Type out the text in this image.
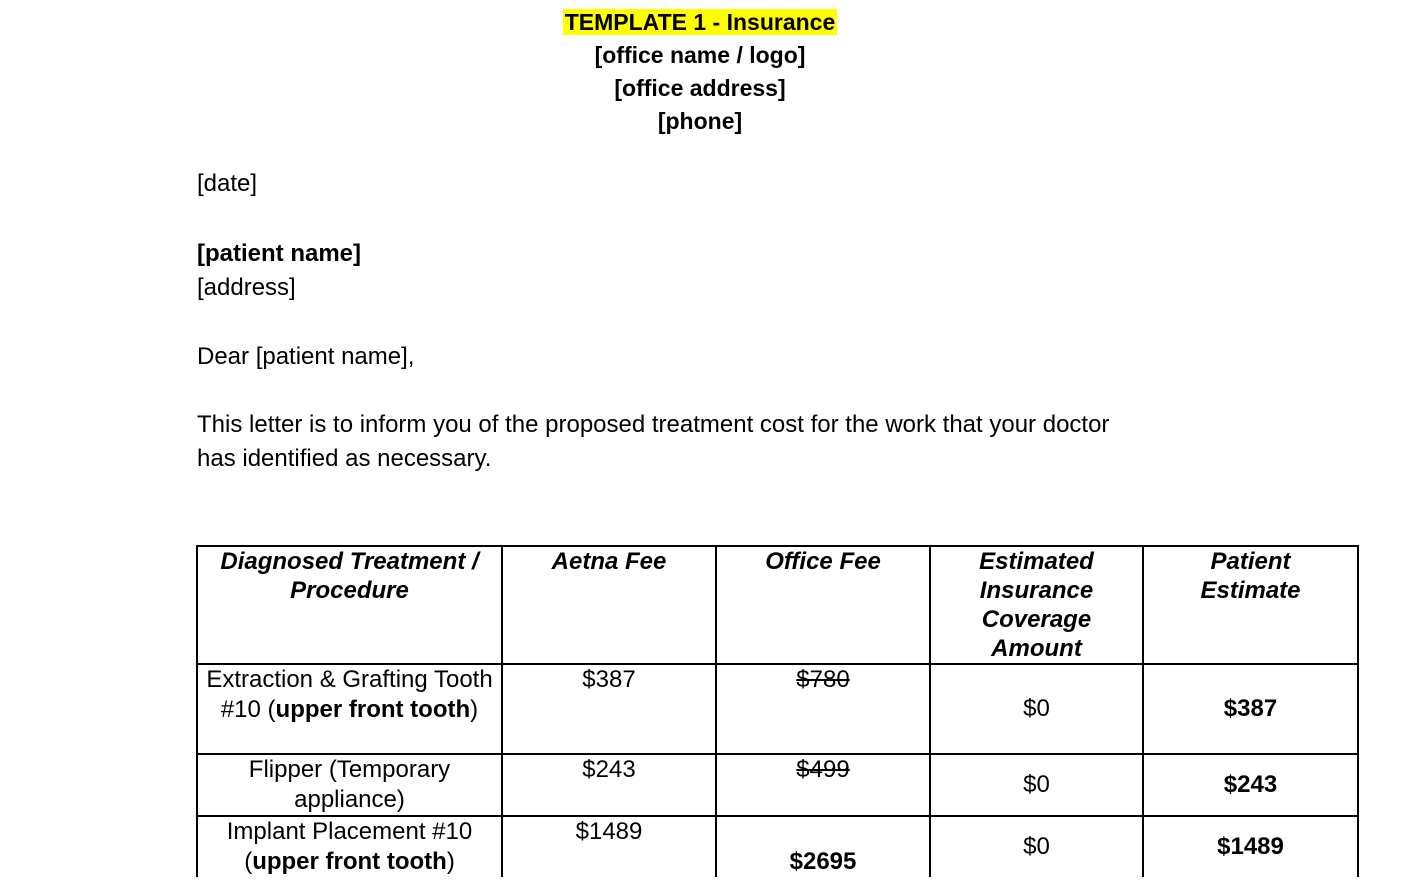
TEMPLATE 1 - Insurance
[office name / logo]
[office address]
[phone]
[date]
[patient name]
[address]
Dear [patient name],
This letter is to inform you of the proposed treatment cost for the work that your doctor
has identified as necessary.
Diagnosed Treatment / Procedure	Aetna Fee	Office Fee	Estimated Insurance Coverage Amount	Patient Estimate
Extraction & Grafting Tooth #10 (upper front tooth)	$387	$780	$0	$387
Flipper (Temporary appliance)	$243	$499	$0	$243
Implant Placement #10
(upper front tooth)	$1489	$2695	$0	$1489
